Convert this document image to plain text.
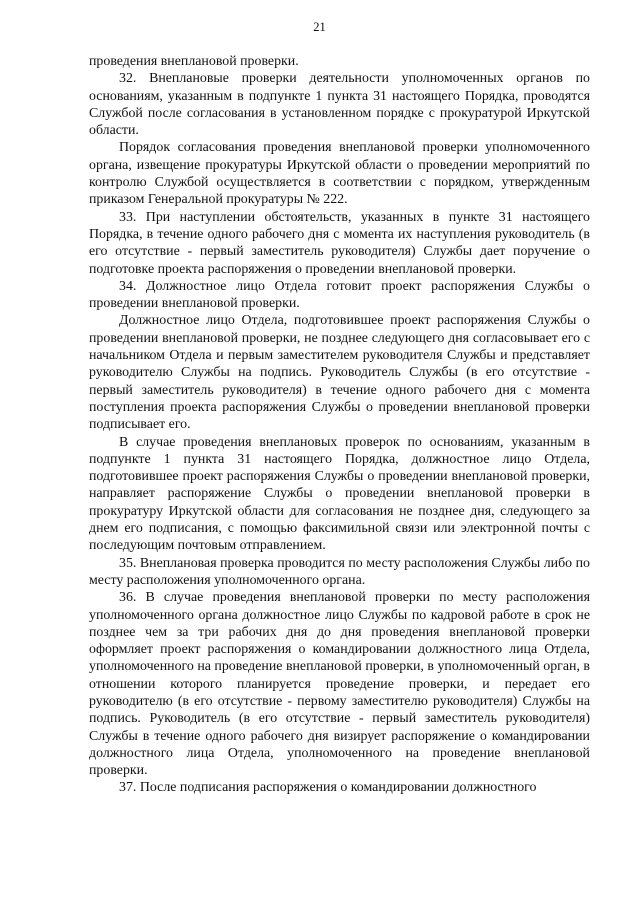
21

проведения внеплановой проверки.

32. Внеплановые проверки деятельности уполномоченных органов по основаниям, указанным в подпункте 1 пункта 31 настоящего Порядка, проводятся Службой после согласования в установленном порядке с прокуратурой Иркутской области.

Порядок согласования проведения внеплановой проверки уполномоченного органа, извещение прокуратуры Иркутской области о проведении мероприятий по контролю Службой осуществляется в соответствии с порядком, утвержденным приказом Генеральной прокуратуры № 222.

33. При наступлении обстоятельств, указанных в пункте 31 настоящего Порядка, в течение одного рабочего дня с момента их наступления руководитель (в его отсутствие - первый заместитель руководителя) Службы дает поручение о подготовке проекта распоряжения о проведении внеплановой проверки.

34. Должностное лицо Отдела готовит проект распоряжения Службы о проведении внеплановой проверки.

Должностное лицо Отдела, подготовившее проект распоряжения Службы о проведении внеплановой проверки, не позднее следующего дня согласовывает его с начальником Отдела и первым заместителем руководителя Службы и представляет руководителю Службы на подпись. Руководитель Службы (в его отсутствие - первый заместитель руководителя) в течение одного рабочего дня с момента поступления проекта распоряжения Службы о проведении внеплановой проверки подписывает его.

В случае проведения внеплановых проверок по основаниям, указанным в подпункте 1 пункта 31 настоящего Порядка, должностное лицо Отдела, подготовившее проект распоряжения Службы о проведении внеплановой проверки, направляет распоряжение Службы о проведении внеплановой проверки в прокуратуру Иркутской области для согласования не позднее дня, следующего за днем его подписания, с помощью факсимильной связи или электронной почты с последующим почтовым отправлением.

35. Внеплановая проверка проводится по месту расположения Службы либо по месту расположения уполномоченного органа.

36. В случае проведения внеплановой проверки по месту расположения уполномоченного органа должностное лицо Службы по кадровой работе в срок не позднее чем за три рабочих дня до дня проведения внеплановой проверки оформляет проект распоряжения о командировании должностного лица Отдела, уполномоченного на проведение внеплановой проверки, в уполномоченный орган, в отношении которого планируется проведение проверки, и передает его руководителю (в его отсутствие - первому заместителю руководителя) Службы на подпись. Руководитель (в его отсутствие - первый заместитель руководителя) Службы в течение одного рабочего дня визирует распоряжение о командировании должностного лица Отдела, уполномоченного на проведение внеплановой проверки.

37. После подписания распоряжения о командировании должностного
